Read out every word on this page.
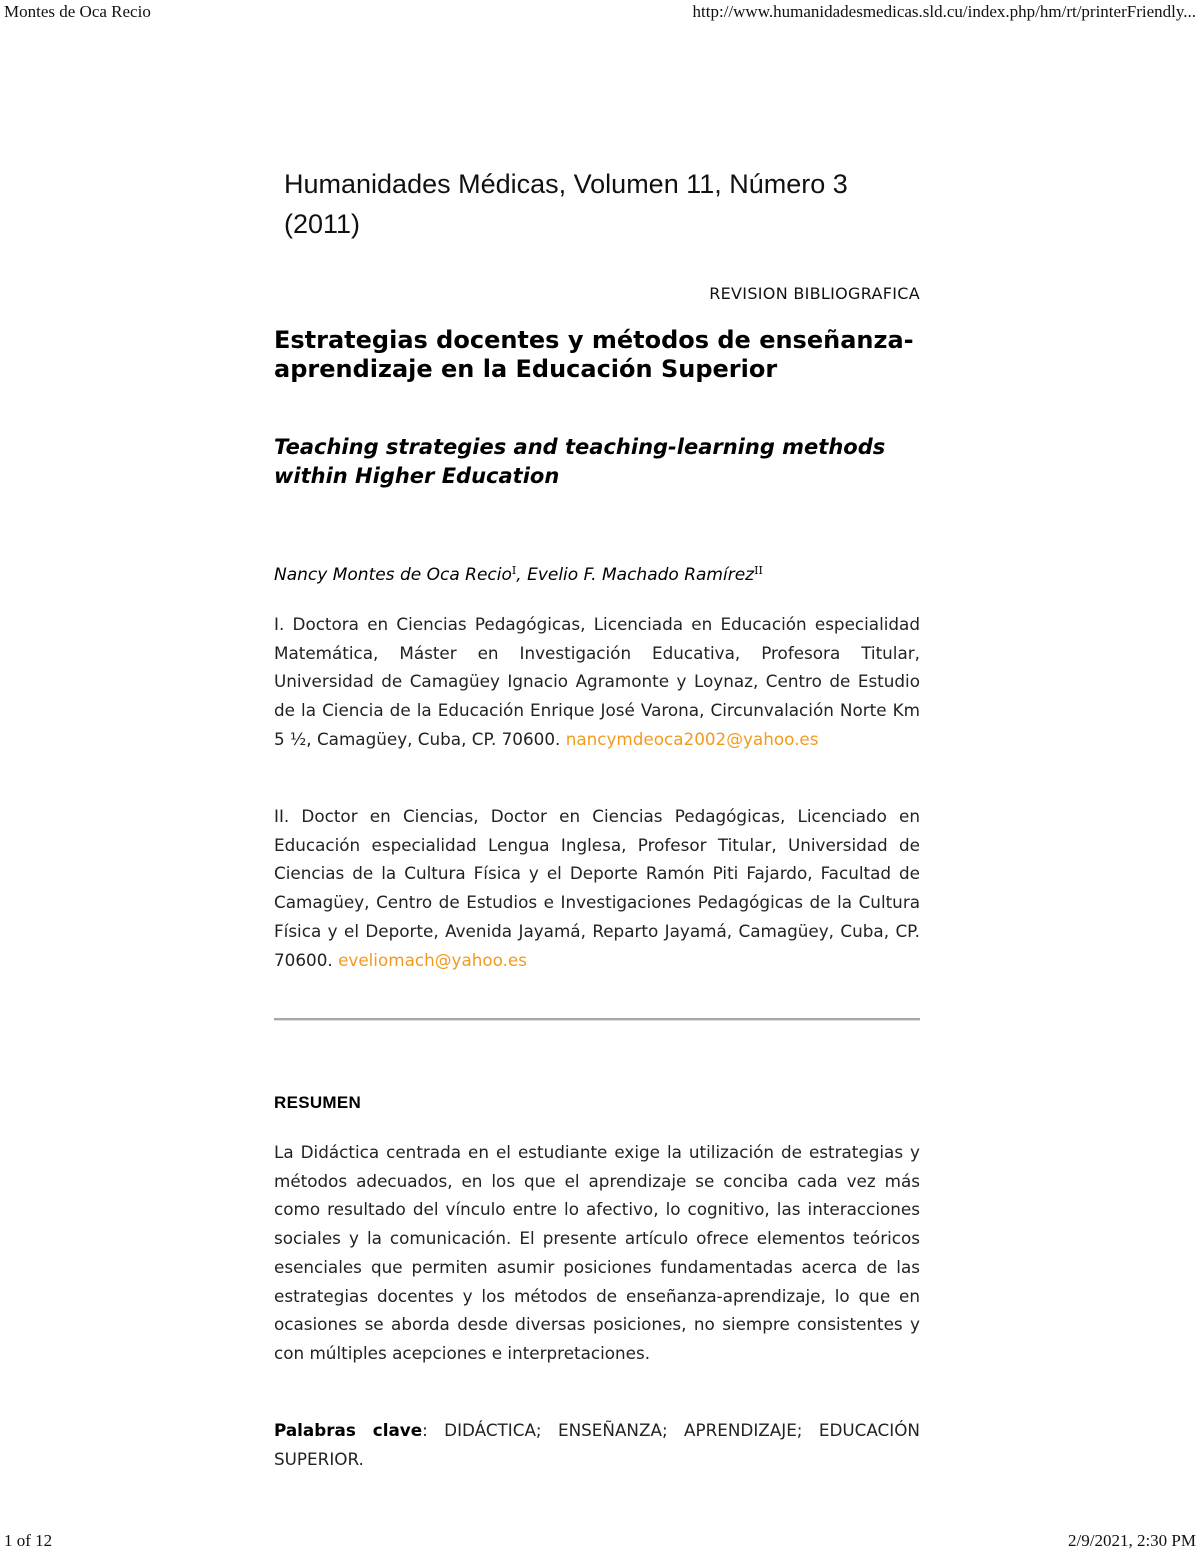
Montes de Oca Recio	http://www.humanidadesmedicas.sld.cu/index.php/hm/rt/printerFriendly...
Humanidades Médicas, Volumen 11, Número 3 (2011)
REVISION BIBLIOGRAFICA
Estrategias docentes y métodos de enseñanza-aprendizaje en la Educación Superior
Teaching strategies and teaching-learning methods within Higher Education
Nancy Montes de Oca Recio$^I$, Evelio F. Machado Ramírez$^{II}$

I. Doctora en Ciencias Pedagógicas, Licenciada en Educación especialidad Matemática, Máster en Investigación Educativa, Profesora Titular, Universidad de Camagüey Ignacio Agramonte y Loynaz, Centro de Estudio de la Ciencia de la Educación Enrique José Varona, Circunvalación Norte Km 5 ½, Camagüey, Cuba, CP. 70600. nancymdeoca2002@yahoo.es

II. Doctor en Ciencias, Doctor en Ciencias Pedagógicas, Licenciado en Educación especialidad Lengua Inglesa, Profesor Titular, Universidad de Ciencias de la Cultura Física y el Deporte Ramón Piti Fajardo, Facultad de Camagüey, Centro de Estudios e Investigaciones Pedagógicas de la Cultura Física y el Deporte, Avenida Jayamá, Reparto Jayamá, Camagüey, Cuba, CP. 70600. eveliomach@yahoo.es

RESUMEN

La Didáctica centrada en el estudiante exige la utilización de estrategias y métodos adecuados, en los que el aprendizaje se conciba cada vez más como resultado del vínculo entre lo afectivo, lo cognitivo, las interacciones sociales y la comunicación. El presente artículo ofrece elementos teóricos esenciales que permiten asumir posiciones fundamentadas acerca de las estrategias docentes y los métodos de enseñanza-aprendizaje, lo que en ocasiones se aborda desde diversas posiciones, no siempre consistentes y con múltiples acepciones e interpretaciones.

Palabras clave: DIDÁCTICA; ENSEÑANZA; APRENDIZAJE; EDUCACIÓN SUPERIOR.

1 of 12	2/9/2021, 2:30 PM
